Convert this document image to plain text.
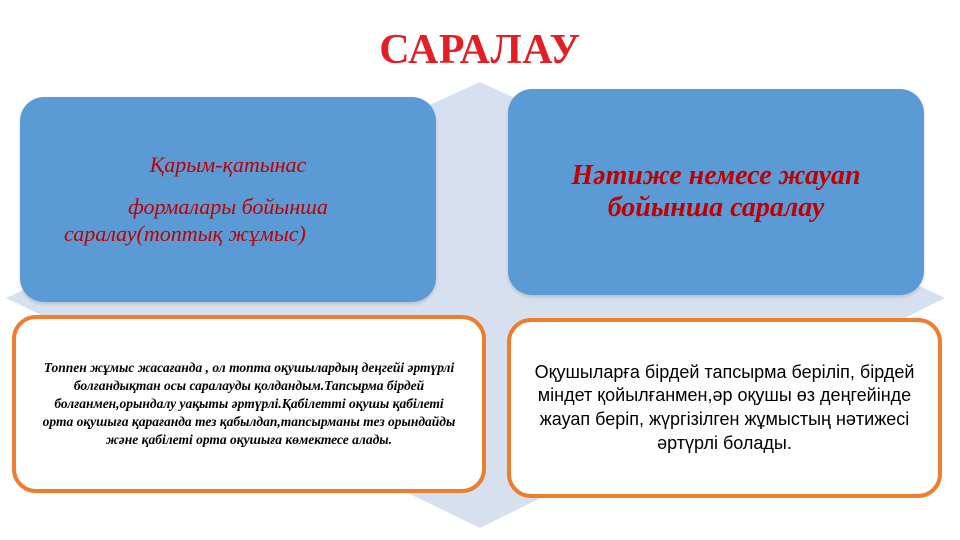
САРАЛАУ

Қарым-қатынас

формалары бойынша

саралау(топтық жұмыс)

Нәтиже немесе жауап бойынша саралау

Топпен жұмыс жасағанда , ол топта оқушылардың деңгейі әртүрлі болғандықтан осы саралауды қолдандым.Тапсырма бірдей болғанмен,орындалу уақыты әртүрлі.Қабілетті оқушы қабілеті орта оқушыға қарағанда тез қабылдап,тапсырманы тез орындайды және қабілеті орта оқушыға көмектесе алады.

Оқушыларға бірдей тапсырма беріліп, бірдей міндет қойылғанмен,әр оқушы өз деңгейінде жауап беріп, жүргізілген жұмыстың нәтижесі әртүрлі болады.
